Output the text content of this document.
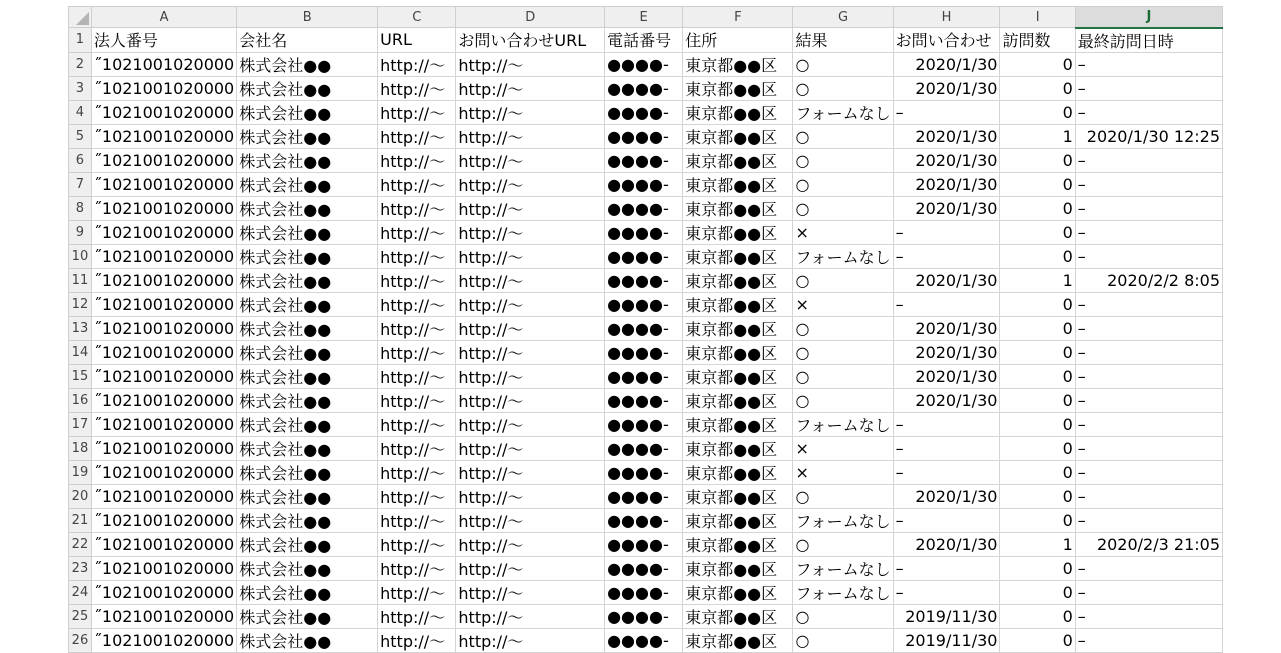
	A	B	C	D	E	F	G	H	I	J
1	法人番号	会社名	URL	お問い合わせURL	電話番号	住所	結果	お問い合わせ	訪問数	最終訪問日時
2	˝1021001020000	株式会社●●	http://〜	http://〜	●●●●-	東京都●●区	○	2020/1/30	0	–
3	˝1021001020000	株式会社●●	http://〜	http://〜	●●●●-	東京都●●区	○	2020/1/30	0	–
4	˝1021001020000	株式会社●●	http://〜	http://〜	●●●●-	東京都●●区	フォームなし	–	0	–
5	˝1021001020000	株式会社●●	http://〜	http://〜	●●●●-	東京都●●区	○	2020/1/30	1	2020/1/30 12:25
6	˝1021001020000	株式会社●●	http://〜	http://〜	●●●●-	東京都●●区	○	2020/1/30	0	–
7	˝1021001020000	株式会社●●	http://〜	http://〜	●●●●-	東京都●●区	○	2020/1/30	0	–
8	˝1021001020000	株式会社●●	http://〜	http://〜	●●●●-	東京都●●区	○	2020/1/30	0	–
9	˝1021001020000	株式会社●●	http://〜	http://〜	●●●●-	東京都●●区	×	–	0	–
10	˝1021001020000	株式会社●●	http://〜	http://〜	●●●●-	東京都●●区	フォームなし	–	0	–
11	˝1021001020000	株式会社●●	http://〜	http://〜	●●●●-	東京都●●区	○	2020/1/30	1	2020/2/2 8:05
12	˝1021001020000	株式会社●●	http://〜	http://〜	●●●●-	東京都●●区	×	–	0	–
13	˝1021001020000	株式会社●●	http://〜	http://〜	●●●●-	東京都●●区	○	2020/1/30	0	–
14	˝1021001020000	株式会社●●	http://〜	http://〜	●●●●-	東京都●●区	○	2020/1/30	0	–
15	˝1021001020000	株式会社●●	http://〜	http://〜	●●●●-	東京都●●区	○	2020/1/30	0	–
16	˝1021001020000	株式会社●●	http://〜	http://〜	●●●●-	東京都●●区	○	2020/1/30	0	–
17	˝1021001020000	株式会社●●	http://〜	http://〜	●●●●-	東京都●●区	フォームなし	–	0	–
18	˝1021001020000	株式会社●●	http://〜	http://〜	●●●●-	東京都●●区	×	–	0	–
19	˝1021001020000	株式会社●●	http://〜	http://〜	●●●●-	東京都●●区	×	–	0	–
20	˝1021001020000	株式会社●●	http://〜	http://〜	●●●●-	東京都●●区	○	2020/1/30	0	–
21	˝1021001020000	株式会社●●	http://〜	http://〜	●●●●-	東京都●●区	フォームなし	–	0	–
22	˝1021001020000	株式会社●●	http://〜	http://〜	●●●●-	東京都●●区	○	2020/1/30	1	2020/2/3 21:05
23	˝1021001020000	株式会社●●	http://〜	http://〜	●●●●-	東京都●●区	フォームなし	–	0	–
24	˝1021001020000	株式会社●●	http://〜	http://〜	●●●●-	東京都●●区	フォームなし	–	0	–
25	˝1021001020000	株式会社●●	http://〜	http://〜	●●●●-	東京都●●区	○	2019/11/30	0	–
26	˝1021001020000	株式会社●●	http://〜	http://〜	●●●●-	東京都●●区	○	2019/11/30	0	–
